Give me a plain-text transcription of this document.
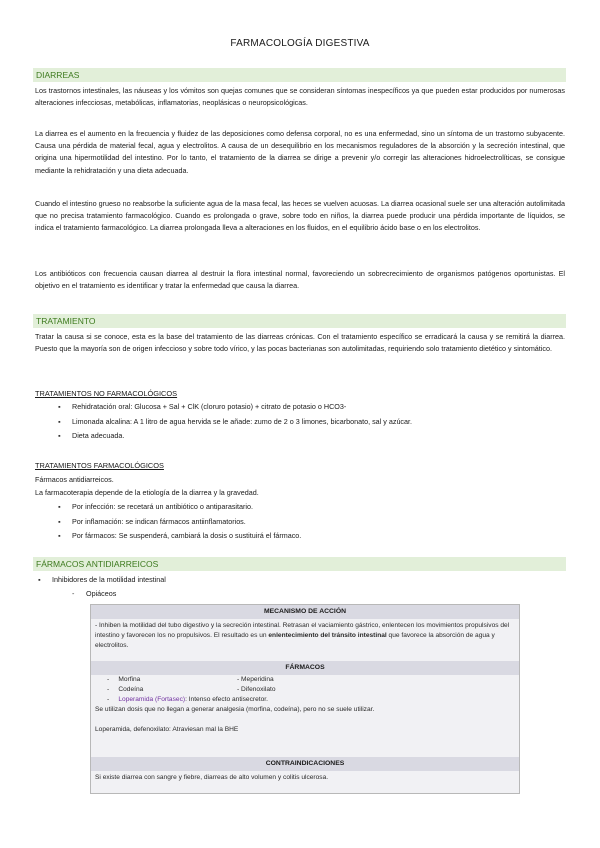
FARMACOLOGÍA DIGESTIVA
DIARREAS
Los trastornos intestinales, las náuseas y los vómitos son quejas comunes que se consideran síntomas inespecíficos ya que pueden estar producidos por numerosas alteraciones infecciosas, metabólicas, inflamatorias, neoplásicas o neuropsicológicas.
La diarrea es el aumento en la frecuencia y fluidez de las deposiciones como defensa corporal, no es una enfermedad, sino un síntoma de un trastorno subyacente. Causa una pérdida de material fecal, agua y electrolitos. A causa de un desequilibrio en los mecanismos reguladores de la absorción y la secreción intestinal, que origina una hipermotilidad del intestino. Por lo tanto, el tratamiento de la diarrea se dirige a prevenir y/o corregir las alteraciones hidroelectrolíticas, se consigue mediante la rehidratación y una dieta adecuada.
Cuando el intestino grueso no reabsorbe la suficiente agua de la masa fecal, las heces se vuelven acuosas. La diarrea ocasional suele ser una alteración autolimitada que no precisa tratamiento farmacológico. Cuando es prolongada o grave, sobre todo en niños, la diarrea puede producir una pérdida importante de líquidos, se indica el tratamiento farmacológico. La diarrea prolongada lleva a alteraciones en los fluidos, en el equilibrio ácido base o en los electrolitos.
Los antibióticos con frecuencia causan diarrea al destruir la flora intestinal normal, favoreciendo un sobrecrecimiento de organismos patógenos oportunistas. El objetivo en el tratamiento es identificar y tratar la enfermedad que causa la diarrea.
TRATAMIENTO
Tratar la causa si se conoce, esta es la base del tratamiento de las diarreas crónicas. Con el tratamiento específico se erradicará la causa y se remitirá la diarrea. Puesto que la mayoría son de origen infeccioso y sobre todo vírico, y las pocas bacterianas son autolimitadas, requiriendo solo tratamiento dietético y sintomático.
TRATAMIENTOS NO FARMACOLÓGICOS
▪ Rehidratación oral: Glucosa + Sal + ClK (cloruro potasio) + citrato de potasio o HCO3-
▪ Limonada alcalina: A 1 litro de agua hervida se le añade: zumo de 2 o 3 limones, bicarbonato, sal y azúcar.
▪ Dieta adecuada.
TRATAMIENTOS FARMACOLÓGICOS
Fármacos antidiarreicos.
La farmacoterapia depende de la etiología de la diarrea y la gravedad.
▪ Por infección: se recetará un antibiótico o antiparasitario.
▪ Por inflamación: se indican fármacos antiinflamatorios.
▪ Por fármacos: Se suspenderá, cambiará la dosis o sustituirá el fármaco.
FÁRMACOS ANTIDIARREICOS
▪ Inhibidores de la motilidad intestinal
- Opiáceos
MECANISMO DE ACCIÓN
- Inhiben la motilidad del tubo digestivo y la secreción intestinal. Retrasan el vaciamiento gástrico, enlentecen los movimientos propulsivos del intestino y favorecen los no propulsivos. El resultado es un enlentecimiento del tránsito intestinal que favorece la absorción de agua y electrolitos.
FÁRMACOS
-     Morfina	- Meperidina
-     Codeína	- Difenoxilato
-     Loperamida (Fortasec): Intenso efecto antisecretor.
Se utilizan dosis que no llegan a generar analgesia (morfina, codeína), pero no se suele utilizar.
Loperamida, defenoxilato: Atraviesan mal la BHE
CONTRAINDICACIONES
Si existe diarrea con sangre y fiebre, diarreas de alto volumen y colitis ulcerosa.
